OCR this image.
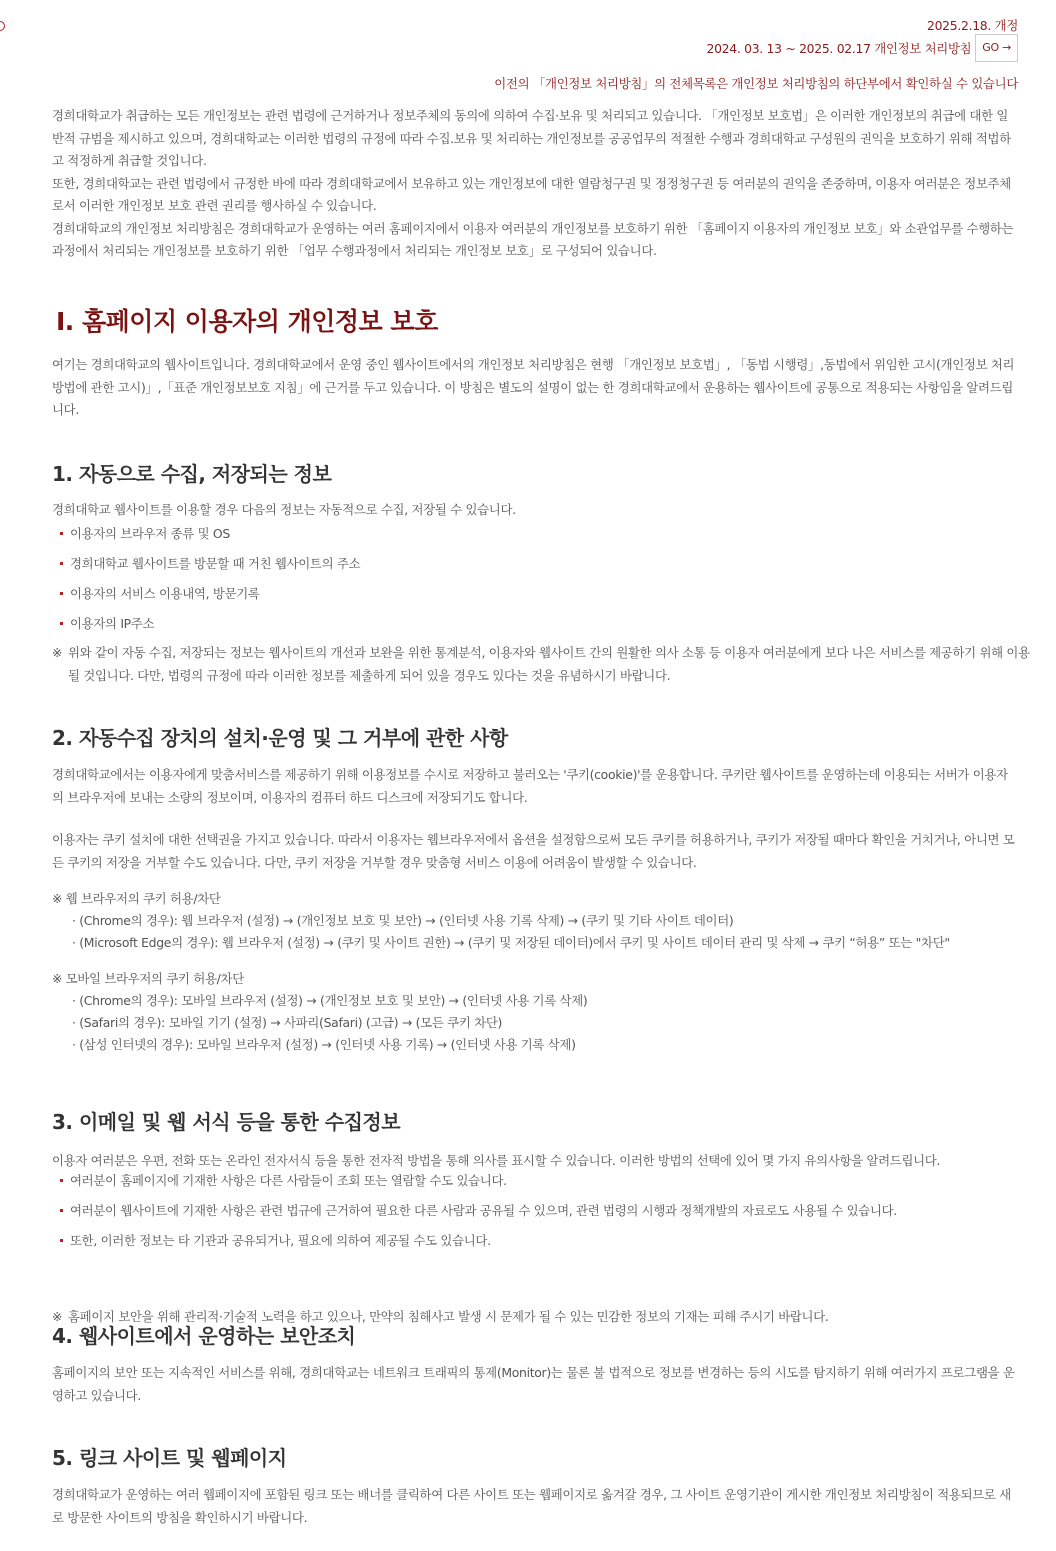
2025.2.18. 개정
2024. 03. 13 ~ 2025. 02.17 개인정보 처리방침	GO →
이전의 「개인정보 처리방침」의 전체목록은 개인정보 처리방침의 하단부에서 확인하실 수 있습니다

경희대학교가 취급하는 모든 개인정보는 관련 법령에 근거하거나 정보주체의 동의에 의하여 수집·보유 및 처리되고 있습니다. 「개인정보 보호법」은 이러한 개인정보의 취급에 대한 일반적 규범을 제시하고 있으며, 경희대학교는 이러한 법령의 규정에 따라 수집.보유 및 처리하는 개인정보를 공공업무의 적절한 수행과 경희대학교 구성원의 권익을 보호하기 위해 적법하고 적정하게 취급할 것입니다.

또한, 경희대학교는 관련 법령에서 규정한 바에 따라 경희대학교에서 보유하고 있는 개인정보에 대한 열람청구권 및 정정청구권 등 여러분의 권익을 존중하며, 이용자 여러분은 정보주체로서 이러한 개인정보 보호 관련 권리를 행사하실 수 있습니다.

경희대학교의 개인정보 처리방침은 경희대학교가 운영하는 여러 홈페이지에서 이용자 여러분의 개인정보를 보호하기 위한 「홈페이지 이용자의 개인정보 보호」와 소관업무를 수행하는 과정에서 처리되는 개인정보를 보호하기 위한 「업무 수행과정에서 처리되는 개인정보 보호」로 구성되어 있습니다.

Ⅰ. 홈페이지 이용자의 개인정보 보호

여기는 경희대학교의 웹사이트입니다. 경희대학교에서 운영 중인 웹사이트에서의 개인정보 처리방침은 현행 「개인정보 보호법」, 「동법 시행령」,동법에서 위임한 고시(개인정보 처리 방법에 관한 고시)」,「표준 개인정보보호 지침」에 근거를 두고 있습니다. 이 방침은 별도의 설명이 없는 한 경희대학교에서 운용하는 웹사이트에 공통으로 적용되는 사항임을 알려드립니다.

1. 자동으로 수집, 저장되는 정보

경희대학교 웹사이트를 이용할 경우 다음의 정보는 자동적으로 수집, 저장될 수 있습니다.

이용자의 브라우저 종류 및 OS
경희대학교 웹사이트를 방문할 때 거친 웹사이트의 주소
이용자의 서비스 이용내역, 방문기록
이용자의 IP주소
※ 위와 같이 자동 수집, 저장되는 정보는 웹사이트의 개선과 보완을 위한 통계분석, 이용자와 웹사이트 간의 원활한 의사 소통 등 이용자 여러분에게 보다 나은 서비스를 제공하기 위해 이용될 것입니다. 다만, 법령의 규정에 따라 이러한 정보를 제출하게 되어 있을 경우도 있다는 것을 유념하시기 바랍니다.
2. 자동수집 장치의 설치·운영 및 그 거부에 관한 사항

경희대학교에서는 이용자에게 맞춤서비스를 제공하기 위해 이용정보를 수시로 저장하고 불러오는 '쿠키(cookie)'를 운용합니다. 쿠키란 웹사이트를 운영하는데 이용되는 서버가 이용자의 브라우저에 보내는 소량의 정보이며, 이용자의 컴퓨터 하드 디스크에 저장되기도 합니다.

이용자는 쿠키 설치에 대한 선택권을 가지고 있습니다. 따라서 이용자는 웹브라우저에서 옵션을 설정함으로써 모든 쿠키를 허용하거나, 쿠키가 저장될 때마다 확인을 거치거나, 아니면 모든 쿠키의 저장을 거부할 수도 있습니다. 다만, 쿠키 저장을 거부할 경우 맞춤형 서비스 이용에 어려움이 발생할 수 있습니다.

※ 웹 브라우저의 쿠키 허용/차단
· (Chrome의 경우): 웹 브라우저 (설정) → (개인정보 보호 및 보안) → (인터넷 사용 기록 삭제) → (쿠키 및 기타 사이트 데이터)
· (Microsoft Edge의 경우): 웹 브라우저 (설정) → (쿠키 및 사이트 권한) → (쿠키 및 저장된 데이터)에서 쿠키 및 사이트 데이터 관리 및 삭제 → 쿠키 “허용” 또는 "차단"
※ 모바일 브라우저의 쿠키 허용/차단
· (Chrome의 경우): 모바일 브라우저 (설정) → (개인정보 보호 및 보안) → (인터넷 사용 기록 삭제)
· (Safari의 경우): 모바일 기기 (설정) → 사파리(Safari) (고급) → (모든 쿠키 차단)
· (삼성 인터넷의 경우): 모바일 브라우저 (설정) → (인터넷 사용 기록) → (인터넷 사용 기록 삭제)
3. 이메일 및 웹 서식 등을 통한 수집정보

이용자 여러분은 우편, 전화 또는 온라인 전자서식 등을 통한 전자적 방법을 통해 의사를 표시할 수 있습니다. 이러한 방법의 선택에 있어 몇 가지 유의사항을 알려드립니다.

여러분이 홈페이지에 기재한 사항은 다른 사람들이 조회 또는 열람할 수도 있습니다.
여러분이 웹사이트에 기재한 사항은 관련 법규에 근거하여 필요한 다른 사람과 공유될 수 있으며, 관련 법령의 시행과 정책개발의 자료로도 사용될 수 있습니다.
또한, 이러한 정보는 타 기관과 공유되거나, 필요에 의하여 제공될 수도 있습니다.
※ 홈페이지 보안을 위해 관리적·기술적 노력을 하고 있으나, 만약의 침해사고 발생 시 문제가 될 수 있는 민감한 정보의 기재는 피해 주시기 바랍니다.
4. 웹사이트에서 운영하는 보안조치

홈페이지의 보안 또는 지속적인 서비스를 위해, 경희대학교는 네트워크 트래픽의 통제(Monitor)는 물론 불 법적으로 정보를 변경하는 등의 시도를 탐지하기 위해 여러가지 프로그램을 운영하고 있습니다.

5. 링크 사이트 및 웹페이지

경희대학교가 운영하는 여러 웹페이지에 포함된 링크 또는 배너를 클릭하여 다른 사이트 또는 웹페이지로 옮겨갈 경우, 그 사이트 운영기관이 게시한 개인정보 처리방침이 적용되므로 새로 방문한 사이트의 방침을 확인하시기 바랍니다.
